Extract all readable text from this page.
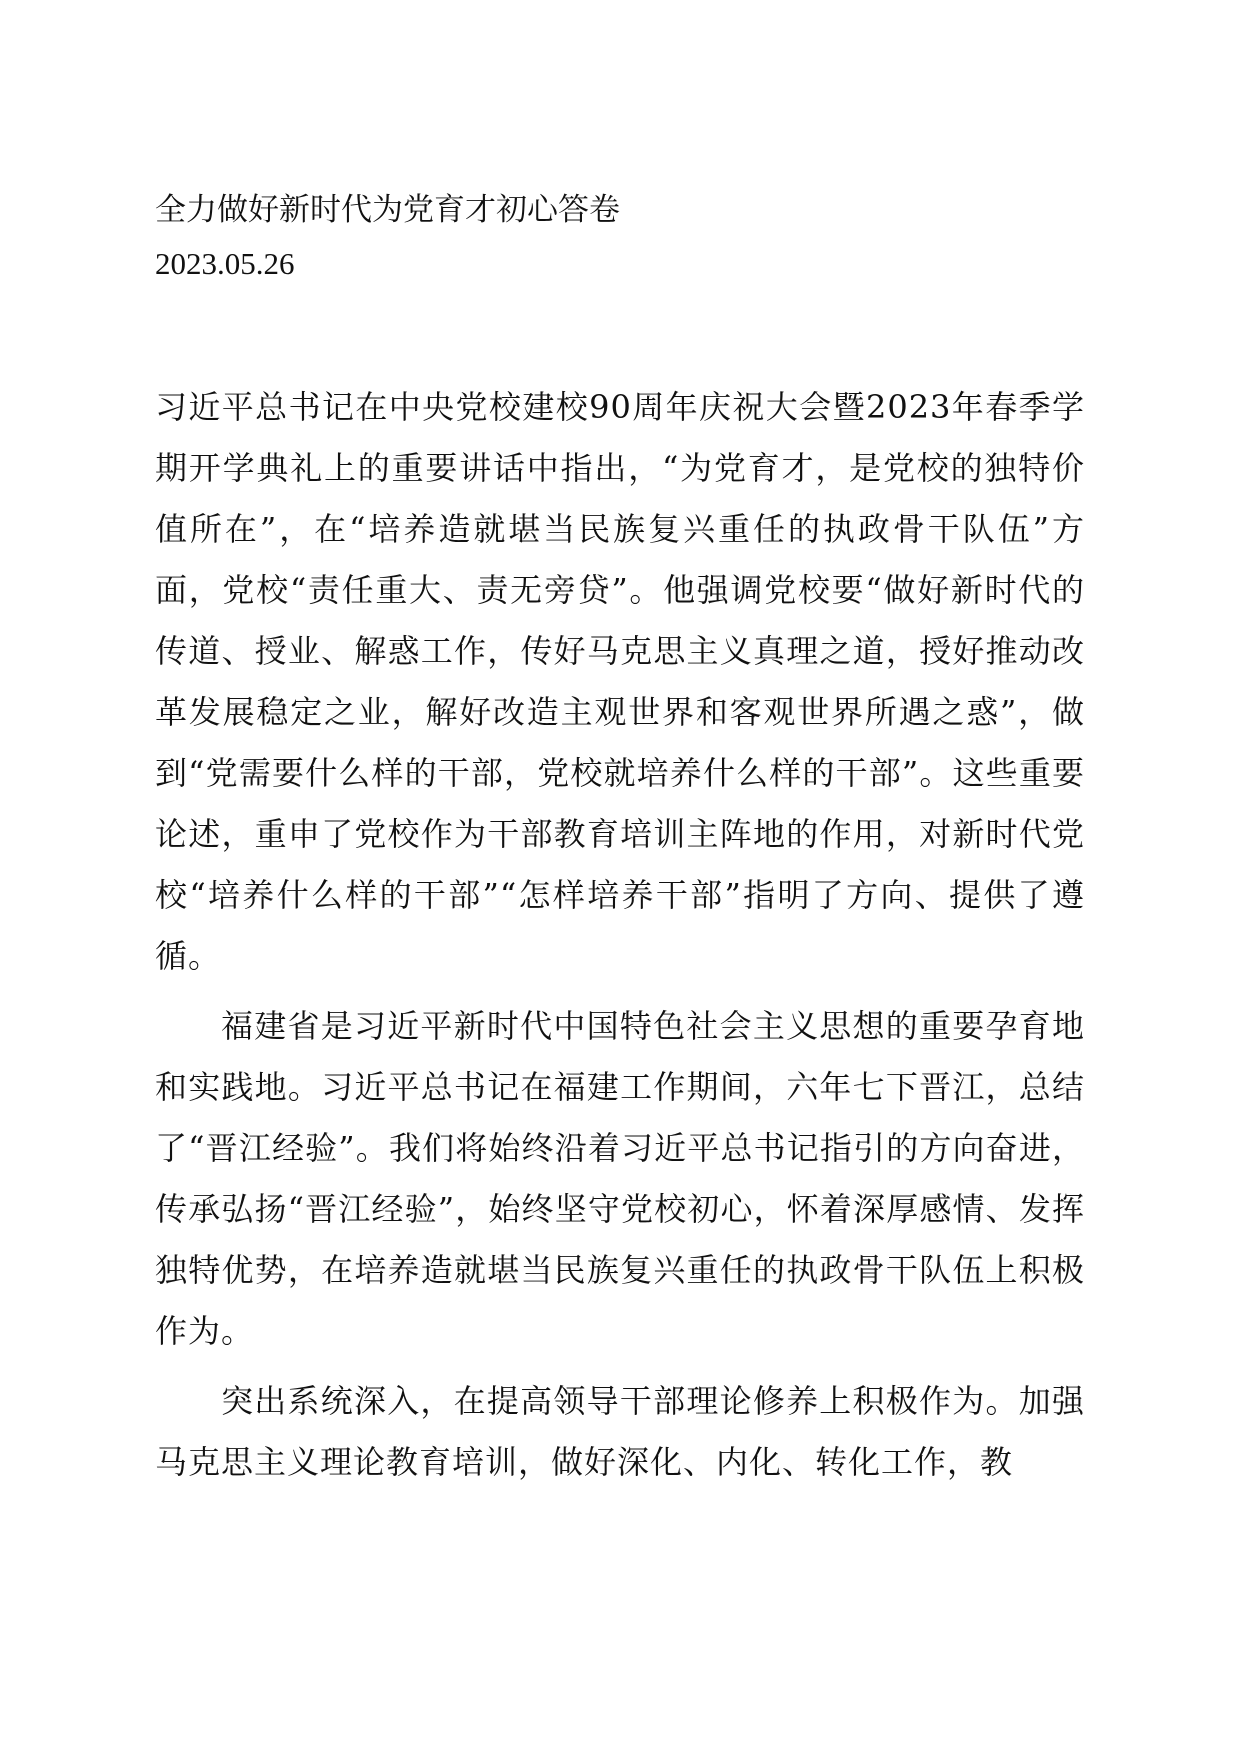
全力做好新时代为党育才初心答卷
2023.05.26

习近平总书记在中央党校建校90周年庆祝大会暨2023年春季学期开学典礼上的重要讲话中指出，“为党育才，是党校的独特价值所在”，在“培养造就堪当民族复兴重任的执政骨干队伍”方面，党校“责任重大、责无旁贷”。他强调党校要“做好新时代的传道、授业、解惑工作，传好马克思主义真理之道，授好推动改革发展稳定之业，解好改造主观世界和客观世界所遇之惑”，做到“党需要什么样的干部，党校就培养什么样的干部”。这些重要论述，重申了党校作为干部教育培训主阵地的作用，对新时代党校“培养什么样的干部”“怎样培养干部”指明了方向、提供了遵循。

福建省是习近平新时代中国特色社会主义思想的重要孕育地和实践地。习近平总书记在福建工作期间，六年七下晋江，总结了“晋江经验”。我们将始终沿着习近平总书记指引的方向奋进，传承弘扬“晋江经验”，始终坚守党校初心，怀着深厚感情、发挥独特优势，在培养造就堪当民族复兴重任的执政骨干队伍上积极作为。

突出系统深入，在提高领导干部理论修养上积极作为。加强马克思主义理论教育培训，做好深化、内化、转化工作，教
